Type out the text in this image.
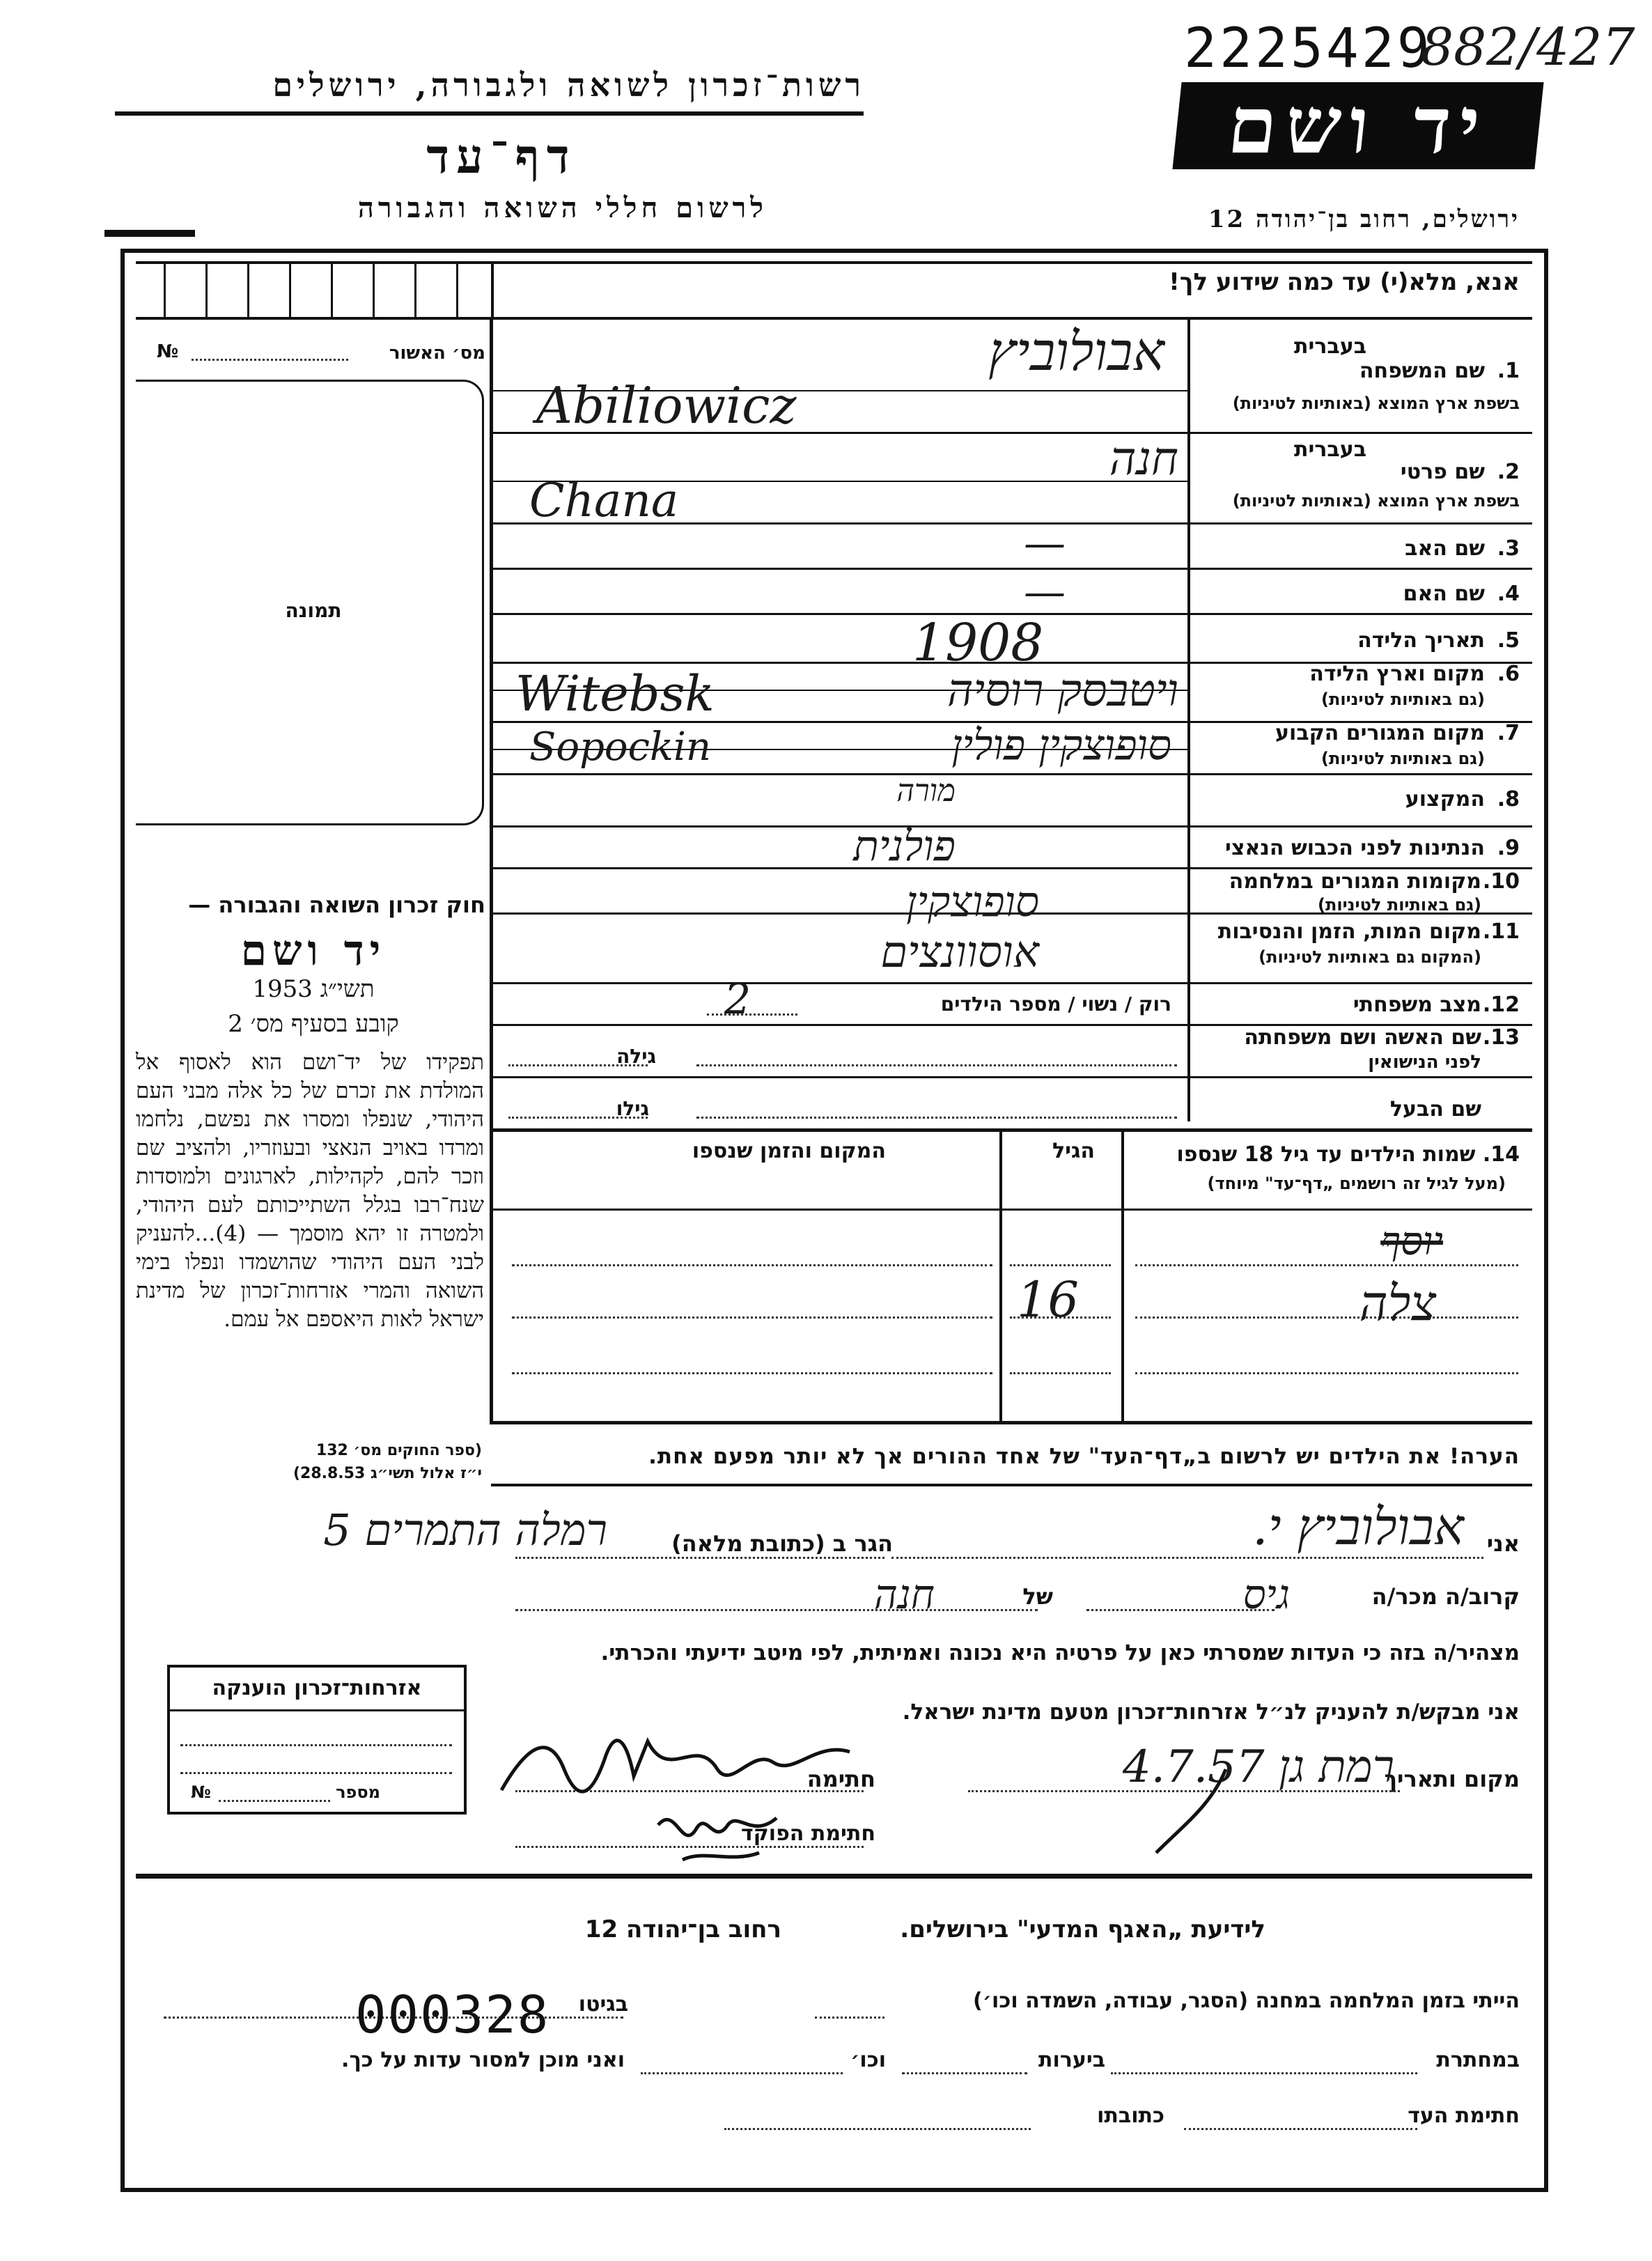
רשות־זכרון לשואה ולגבורה, ירושלים
דף־עד
לרשום חללי השואה והגבורה
2225429
882/427
יד ושם
ירושלים, רחוב בן־יהודה 12
אנא, מלא(י) עד כמה שידוע לך!
מס׳ האשור
№
תמונה
חוק זכרון השואה והגבורה —
יד ושם
תשי״ג 1953
קובע בסעיף מס׳ 2
תפקידו של יד־ושם הוא לאסוף אל המולדת את זכרם של כל אלה מבני העם היהודי, שנפלו ומסרו את נפשם, נלחמו ומרדו באויב הנאצי ובעוזריו, ולהציב שם וזכר להם, לקהילות, לארגונים ולמוסדות שנח־רבו בגלל השתייכותם לעם היהודי, ולמטרה זו יהא מוסמך — (4)...להעניק לבני העם היהודי שהושמדו ונפלו בימי השואה והמרי אזרחות־זכרון של מדינת ישראל לאות היאספם אל עמם.
(ספר החוקים מס׳ 132
י״ז אלול תשי״ג 28.8.53)
אזרחות־זכרון הוענקה
מספר
№
בעברית
1.
שם המשפחה
בשפת ארץ המוצא (באותיות לטיניות)
אבולוביץ
Abiliowicz
בעברית
2.
שם פרטי
בשפת ארץ המוצא (באותיות לטיניות)
חנה
Chana
3.
שם האב
—
4.
שם האם
—
5.
תאריך הלידה
1908
6.
מקום וארץ הלידה
(גם באותיות לטיניות)
ויטבסק רוסיה
Witebsk
7.
מקום המגורים הקבוע
(גם באותיות לטיניות)
סופוצקין פולין
Sopockin
8.
המקצוע
מורה
9.
הנתינות לפני הכבוש הנאצי
פולנית
10.
מקומות המגורים במלחמה
(גם באותיות לטיניות)
סופוצקין
11.
מקום המות, הזמן והנסיבות
(המקום גם באותיות לטיניות)
אוסוונצים
12.
מצב משפחתי
רוק / נשוי / מספר הילדים
2
13.
שם האשה ושם משפחתה
לפני הנישואין
גילה
שם הבעל
גילו
14. שמות הילדים עד גיל 18 שנספו
(מעל לגיל זה רושמים „דף־עד" מיוחד)
הגיל
המקום והזמן שנספו
יוסף
צלה
16
הערה! את הילדים יש לרשום ב„דף־העד" של אחד ההורים אך לא יותר מפעם אחת.
אני
אבולוביץ י.
הגר ב (כתובת מלאה)
רמלה התמרים 5
קרוב/ה מכר/ה
גיס
של
חנה
מצהיר/ה בזה כי העדות שמסרתי כאן על פרטיה היא נכונה ואמיתית, לפי מיטב ידיעתי והכרתי.
אני מבקש/ת להעניק לנ״ל אזרחות־זכרון מטעם מדינת ישראל.
מקום ותאריך
רמת גן 4.7.57
חתימה
חתימת הפוקד
לידיעת „האגף המדעי" בירושלים.
רחוב בן־יהודה 12
הייתי בזמן המלחמה במחנה (הסגר, עבודה, השמדה וכו׳)
בגיטו
במחתרת
ביערות
וכו׳
ואני מוכן למסור עדות על כך.
000328
חתימת העד
כתובתו
